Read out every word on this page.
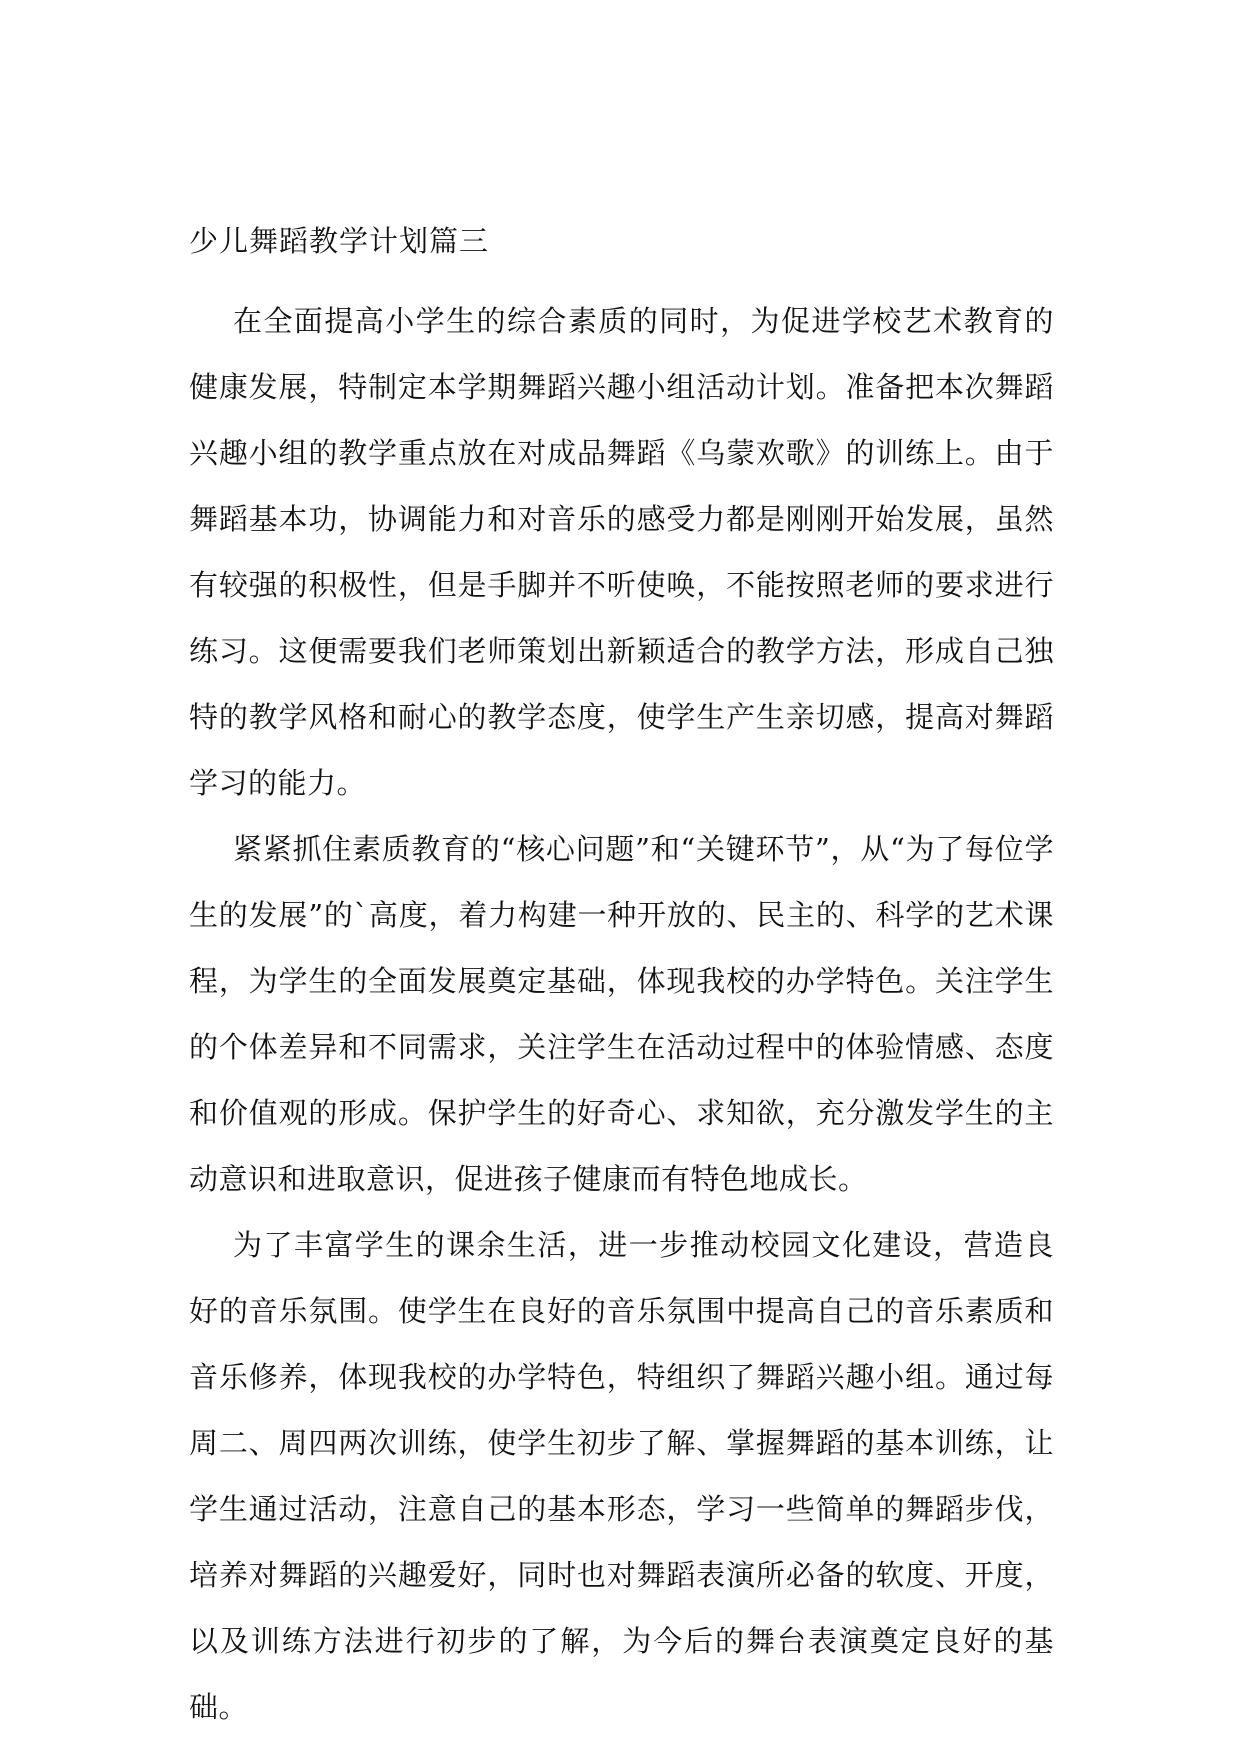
少儿舞蹈教学计划篇三

在全面提高小学生的综合素质的同时，为促进学校艺术教育的健康发展，特制定本学期舞蹈兴趣小组活动计划。准备把本次舞蹈兴趣小组的教学重点放在对成品舞蹈《乌蒙欢歌》的训练上。由于舞蹈基本功，协调能力和对音乐的感受力都是刚刚开始发展，虽然有较强的积极性，但是手脚并不听使唤，不能按照老师的要求进行练习。这便需要我们老师策划出新颖适合的教学方法，形成自己独特的教学风格和耐心的教学态度，使学生产生亲切感，提高对舞蹈学习的能力。

紧紧抓住素质教育的“核心问题”和“关键环节”，从“为了每位学生的发展”的`高度，着力构建一种开放的、民主的、科学的艺术课程，为学生的全面发展奠定基础，体现我校的办学特色。关注学生的个体差异和不同需求，关注学生在活动过程中的体验情感、态度和价值观的形成。保护学生的好奇心、求知欲，充分激发学生的主动意识和进取意识，促进孩子健康而有特色地成长。

为了丰富学生的课余生活，进一步推动校园文化建设，营造良好的音乐氛围。使学生在良好的音乐氛围中提高自己的音乐素质和音乐修养，体现我校的办学特色，特组织了舞蹈兴趣小组。通过每周二、周四两次训练，使学生初步了解、掌握舞蹈的基本训练，让学生通过活动，注意自己的基本形态，学习一些简单的舞蹈步伐，培养对舞蹈的兴趣爱好，同时也对舞蹈表演所必备的软度、开度，以及训练方法进行初步的了解，为今后的舞台表演奠定良好的基础。
